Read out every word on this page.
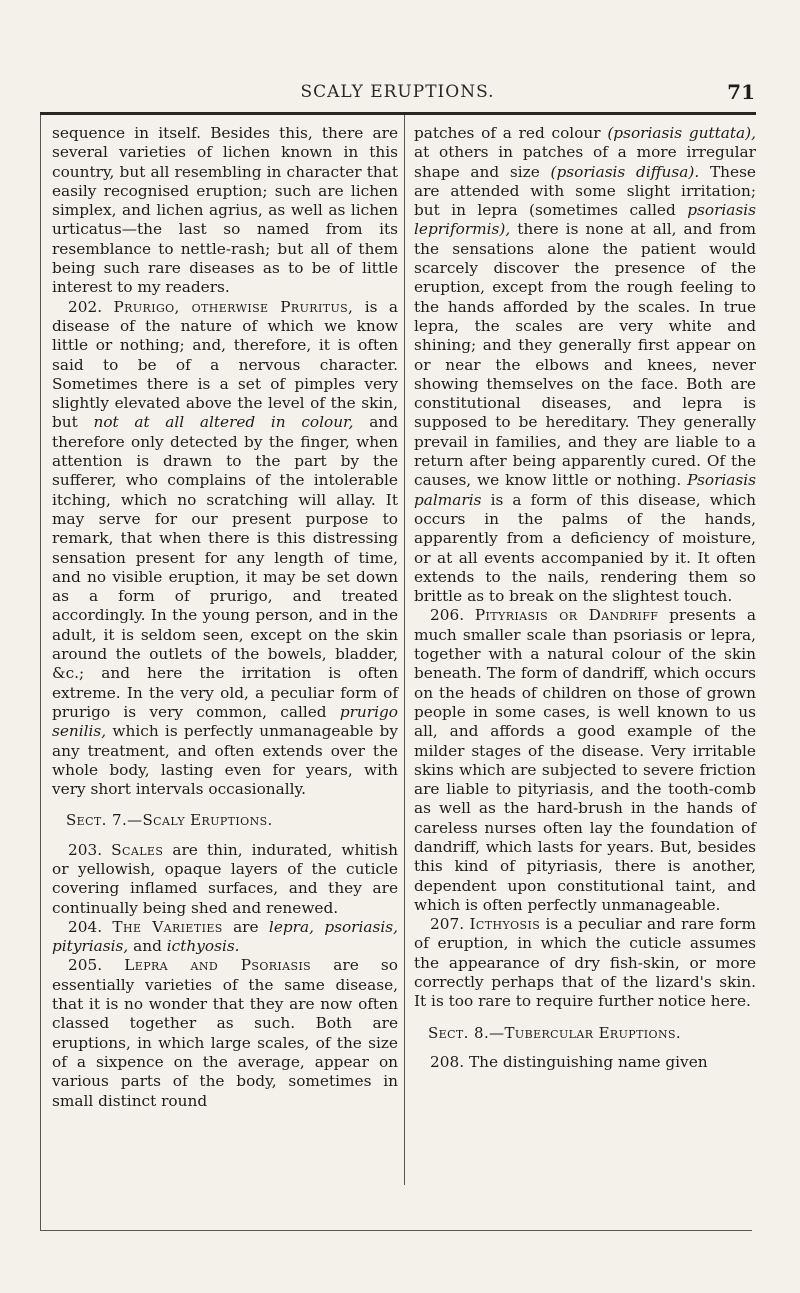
SCALY ERUPTIONS.	71

sequence in itself. Besides this, there are several varieties of lichen known in this country, but all resembling in character that easily recognised eruption; such are lichen simplex, and lichen agrius, as well as lichen urticatus—the last so named from its resemblance to nettle-rash; but all of them being such rare diseases as to be of little interest to my readers.

202. Prurigo, otherwise Pruritus, is a disease of the nature of which we know little or nothing; and, therefore, it is often said to be of a nervous character. Sometimes there is a set of pimples very slightly elevated above the level of the skin, but not at all altered in colour, and therefore only detected by the finger, when attention is drawn to the part by the sufferer, who complains of the intolerable itching, which no scratching will allay. It may serve for our present purpose to remark, that when there is this distressing sensation present for any length of time, and no visible eruption, it may be set down as a form of prurigo, and treated accordingly. In the young person, and in the adult, it is seldom seen, except on the skin around the outlets of the bowels, bladder, &c.; and here the irritation is often extreme. In the very old, a peculiar form of prurigo is very common, called prurigo senilis, which is perfectly unmanageable by any treatment, and often extends over the whole body, lasting even for years, with very short intervals occasionally.

Sect. 7.—Scaly Eruptions.

203. Scales are thin, indurated, whitish or yellowish, opaque layers of the cuticle covering inflamed surfaces, and they are continually being shed and renewed.

204. The Varieties are lepra, psoriasis, pityriasis, and icthyosis.

205. Lepra and Psoriasis are so essentially varieties of the same disease, that it is no wonder that they are now often classed together as such. Both are eruptions, in which large scales, of the size of a sixpence on the average, appear on various parts of the body, sometimes in small distinct round

patches of a red colour (psoriasis guttata), at others in patches of a more irregular shape and size (psoriasis diffusa). These are attended with some slight irritation; but in lepra (sometimes called psoriasis lepriformis), there is none at all, and from the sensations alone the patient would scarcely discover the presence of the eruption, except from the rough feeling to the hands afforded by the scales. In true lepra, the scales are very white and shining; and they generally first appear on or near the elbows and knees, never showing themselves on the face. Both are constitutional diseases, and lepra is supposed to be hereditary. They generally prevail in families, and they are liable to a return after being apparently cured. Of the causes, we know little or nothing. Psoriasis palmaris is a form of this disease, which occurs in the palms of the hands, apparently from a deficiency of moisture, or at all events accompanied by it. It often extends to the nails, rendering them so brittle as to break on the slightest touch.

206. Pityriasis or Dandriff presents a much smaller scale than psoriasis or lepra, together with a natural colour of the skin beneath. The form of dandriff, which occurs on the heads of children on those of grown people in some cases, is well known to us all, and affords a good example of the milder stages of the disease. Very irritable skins which are subjected to severe friction are liable to pityriasis, and the tooth-comb as well as the hard-brush in the hands of careless nurses often lay the foundation of dandriff, which lasts for years. But, besides this kind of pityriasis, there is another, dependent upon constitutional taint, and which is often perfectly unmanageable.

207. Icthyosis is a peculiar and rare form of eruption, in which the cuticle assumes the appearance of dry fish-skin, or more correctly perhaps that of the lizard's skin. It is too rare to require further notice here.

Sect. 8.—Tubercular Eruptions.

208. The distinguishing name given
